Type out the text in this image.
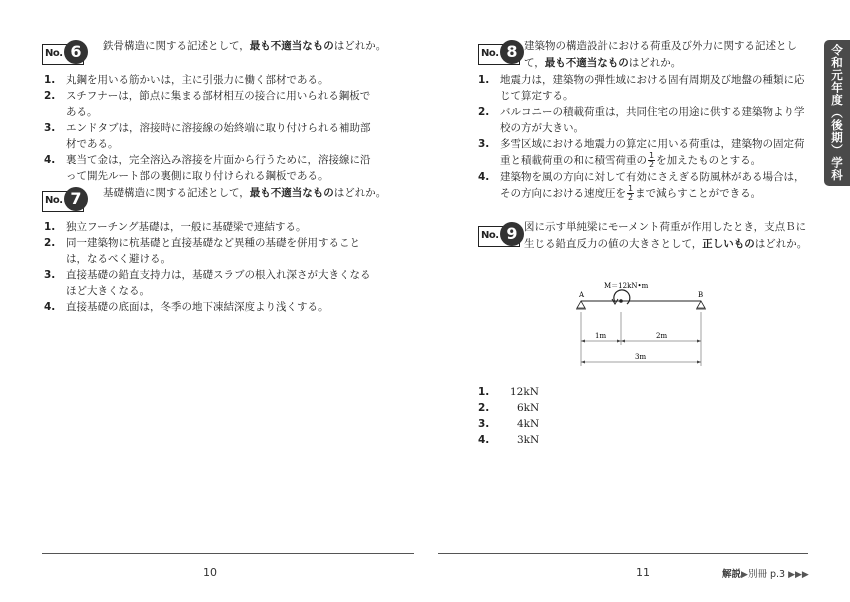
No. 6	鉄骨構造に関する記述として，最も不適当なものはどれか。
1. 丸鋼を用いる筋かいは，主に引張力に働く部材である。
2. スチフナーは，節点に集まる部材相互の接合に用いられる鋼板である。
3. エンドタブは，溶接時に溶接線の始終端に取り付けられる補助部材である。
4. 裏当て金は，完全溶込み溶接を片面から行うために，溶接線に沿って開先ルート部の裏側に取り付けられる鋼板である。
No. 7	基礎構造に関する記述として，最も不適当なものはどれか。
1. 独立フーチング基礎は，一般に基礎梁で連結する。
2. 同一建築物に杭基礎と直接基礎など異種の基礎を併用することは，なるべく避ける。
3. 直接基礎の鉛直支持力は，基礎スラブの根入れ深さが大きくなるほど大きくなる。
4. 直接基礎の底面は，冬季の地下凍結深度より浅くする。
No. 8 建築物の構造設計における荷重及び外力に関する記述として，最も不適当なものはどれか。
1. 地震力は，建築物の弾性域における固有周期及び地盤の種類に応じて算定する。
2. バルコニーの積載荷重は，共同住宅の用途に供する建築物より学校の方が大きい。
3. 多雪区域における地震力の算定に用いる荷重は，建築物の固定荷重と積載荷重の和に積雪荷重の $\frac{1}{2}$ を加えたものとする。
4. 建築物を風の方向に対して有効にさえぎる防風林がある場合は，その方向における速度圧を $\frac{1}{2}$ まで減らすことができる。
No. 9 図に示す単純梁にモーメント荷重が作用したとき，支点Ｂに生じる鉛直反力の値の大きさとして，正しいものはどれか。
M＝12kN•m
A	B
1m	2m
3m
1. 12kN
2.	6kN
3.	4kN
4.	3kN
令和元年度（後期）学科
10	11	解説▶別冊 p.3 ▶▶▶
